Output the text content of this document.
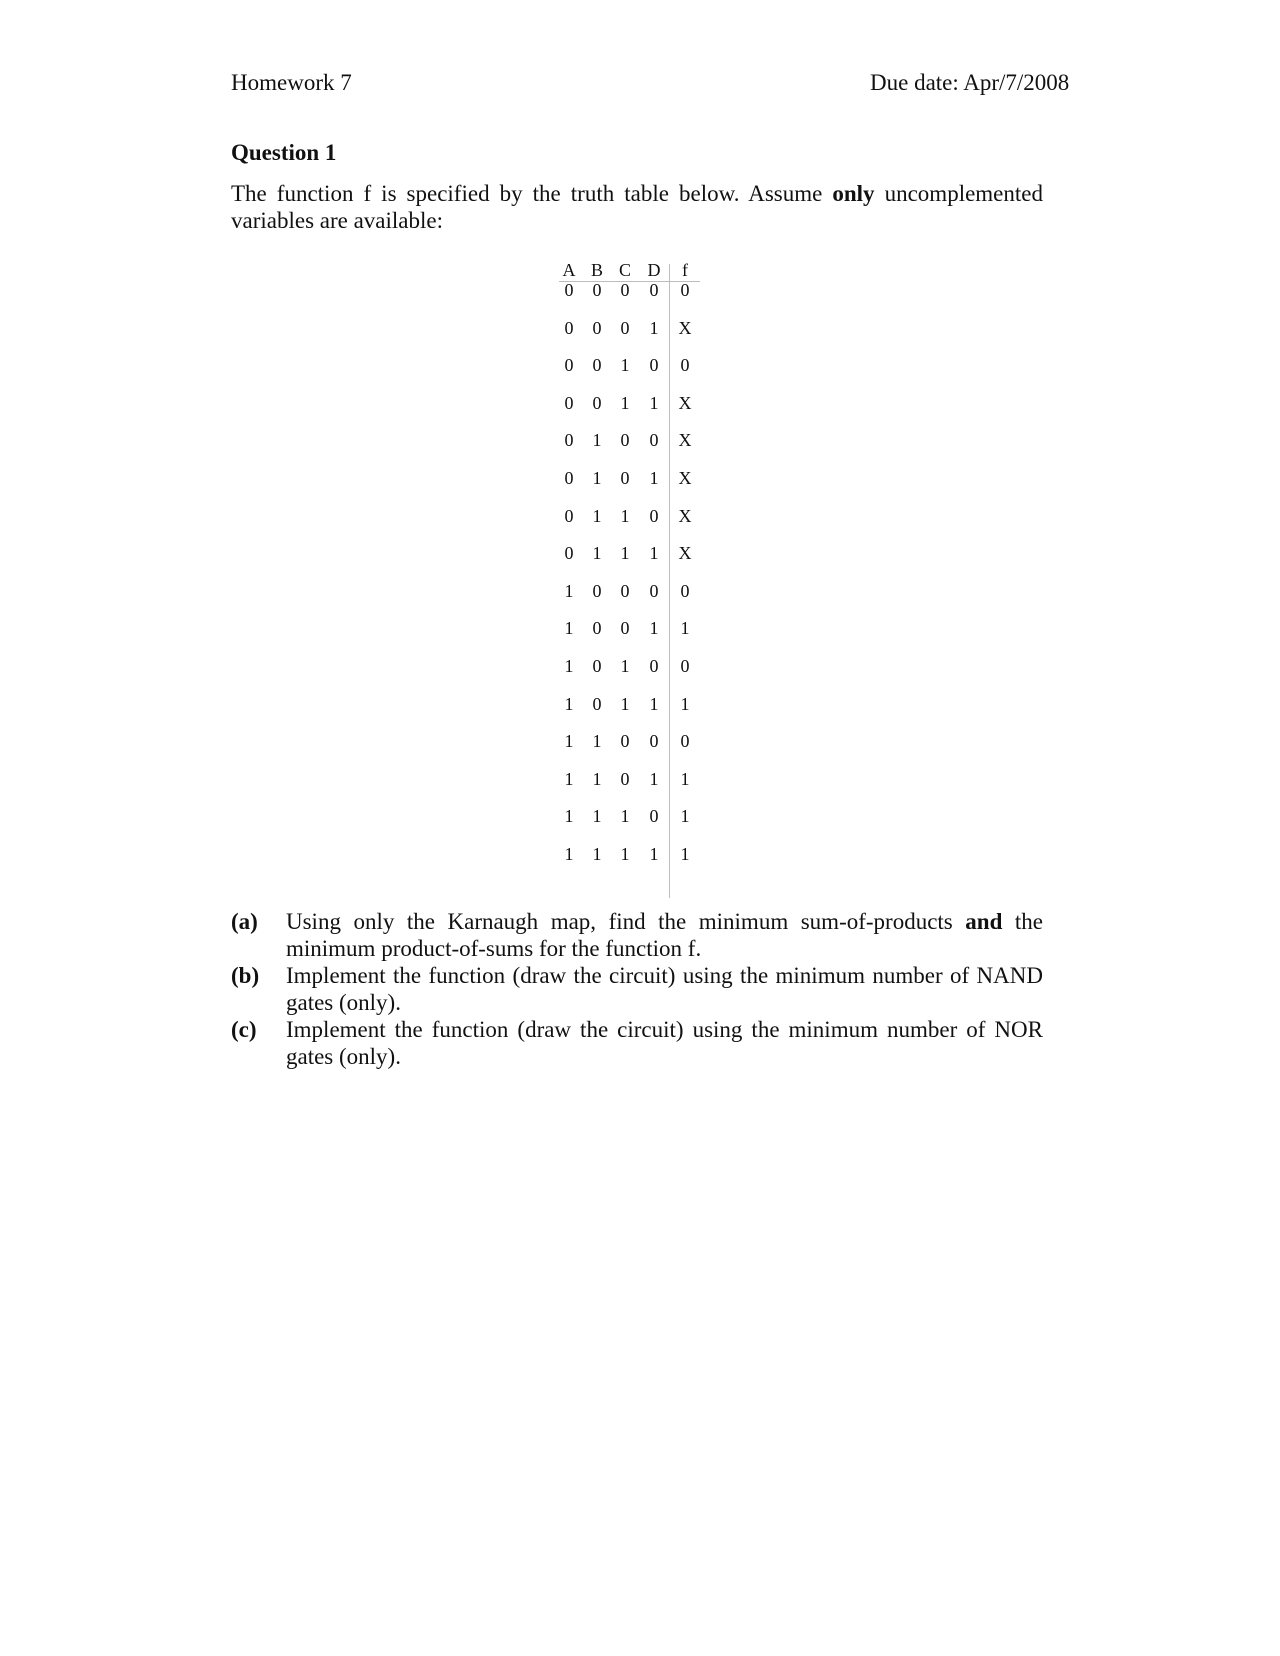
Homework 7	Due date: Apr/7/2008
Question 1
The function f is specified by the truth table below. Assume only uncomplemented variables are available:
A B C D	f
0	0	0	0	0
0	0	0	1	X
0	0	1	0	0
0	0	1	1	X
0	1	0	0	X
0	1	0	1	X
0	1	1	0	X
0	1	1	1	X
1	0	0	0	0
1	0	0	1	1
1	0	1	0	0
1	0	1	1	1
1	1	0	0	0
1	1	0	1	1
1	1	1	0	1
1	1	1	1	1
(a) Using only the Karnaugh map, find the minimum sum-of-products and the minimum product-of-sums for the function f.
(b) Implement the function (draw the circuit) using the minimum number of NAND gates (only).
(c) Implement the function (draw the circuit) using the minimum number of NOR gates (only).
